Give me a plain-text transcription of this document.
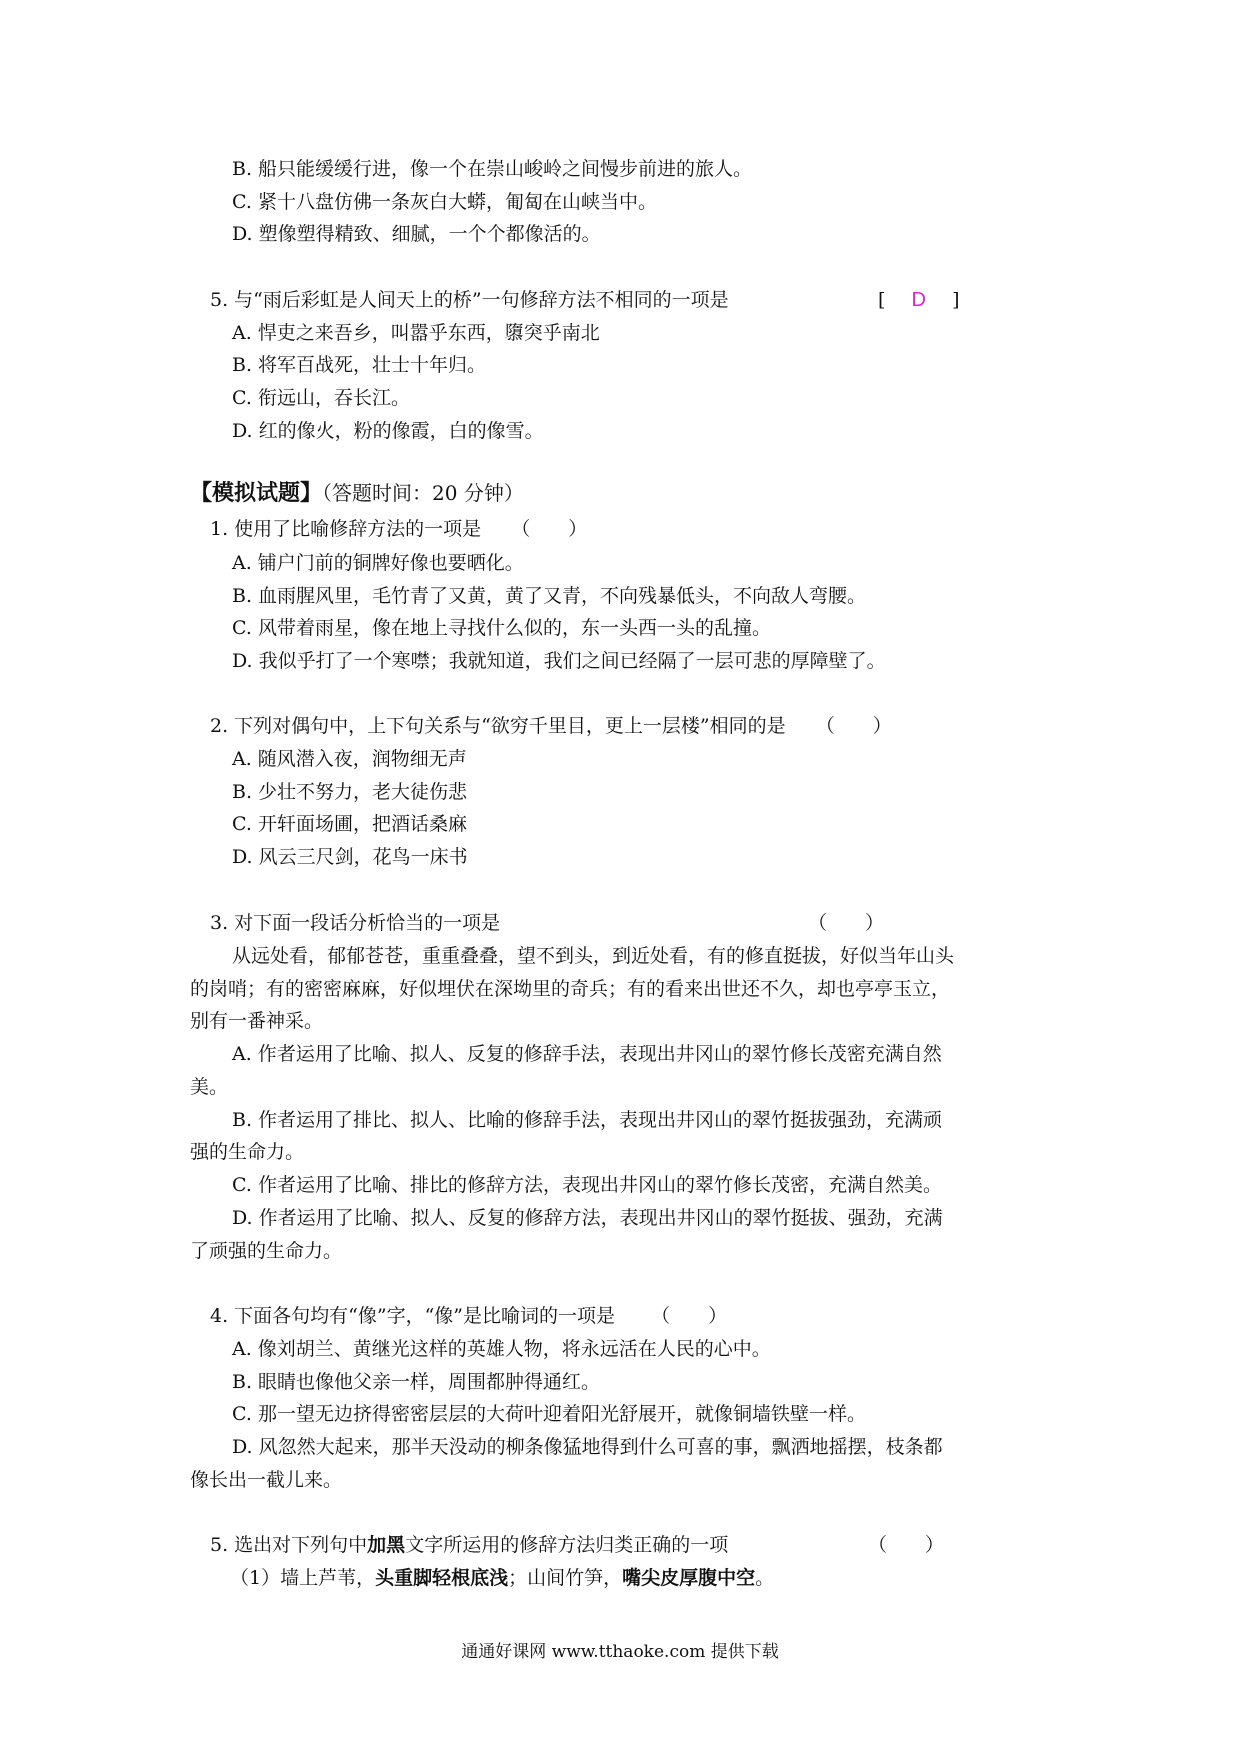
B. 船只能缓缓行进，像一个在崇山峻岭之间慢步前进的旅人。
C. 紧十八盘仿佛一条灰白大蟒，匍匐在山峡当中。
D. 塑像塑得精致、细腻，一个个都像活的。
5. 与“雨后彩虹是人间天上的桥”一句修辞方法不相同的一项是	[ D ]
A. 悍吏之来吾乡，叫嚣乎东西，隳突乎南北
B. 将军百战死，壮士十年归。
C. 衔远山，吞长江。
D. 红的像火，粉的像霞，白的像雪。
【模拟试题】（答题时间：20 分钟）
1. 使用了比喻修辞方法的一项是 （　　）
A. 铺户门前的铜牌好像也要晒化。
B. 血雨腥风里，毛竹青了又黄，黄了又青，不向残暴低头，不向敌人弯腰。
C. 风带着雨星，像在地上寻找什么似的，东一头西一头的乱撞。
D. 我似乎打了一个寒噤；我就知道，我们之间已经隔了一层可悲的厚障壁了。
2. 下列对偶句中，上下句关系与“欲穷千里目，更上一层楼”相同的是 （　　）
A. 随风潜入夜，润物细无声
B. 少壮不努力，老大徒伤悲
C. 开轩面场圃，把酒话桑麻
D. 风云三尺剑，花鸟一床书
3. 对下面一段话分析恰当的一项是	（　　）
从远处看，郁郁苍苍，重重叠叠，望不到头，到近处看，有的修直挺拔，好似当年山头
的岗哨；有的密密麻麻，好似埋伏在深坳里的奇兵；有的看来出世还不久，却也亭亭玉立，
别有一番神采。
A. 作者运用了比喻、拟人、反复的修辞手法，表现出井冈山的翠竹修长茂密充满自然
美。
B. 作者运用了排比、拟人、比喻的修辞手法，表现出井冈山的翠竹挺拔强劲，充满顽
强的生命力。
C. 作者运用了比喻、排比的修辞方法，表现出井冈山的翠竹修长茂密，充满自然美。
D. 作者运用了比喻、拟人、反复的修辞方法，表现出井冈山的翠竹挺拔、强劲，充满
了顽强的生命力。
4. 下面各句均有“像”字，“像”是比喻词的一项是 （　　）
A. 像刘胡兰、黄继光这样的英雄人物，将永远活在人民的心中。
B. 眼睛也像他父亲一样，周围都肿得通红。
C. 那一望无边挤得密密层层的大荷叶迎着阳光舒展开，就像铜墙铁壁一样。
D. 风忽然大起来，那半天没动的柳条像猛地得到什么可喜的事，飘洒地摇摆，枝条都
像长出一截儿来。
5. 选出对下列句中加黑文字所运用的修辞方法归类正确的一项	（　　）
（1）墙上芦苇，头重脚轻根底浅；山间竹笋，嘴尖皮厚腹中空。
通通好课网 www.tthaoke.com 提供下载
